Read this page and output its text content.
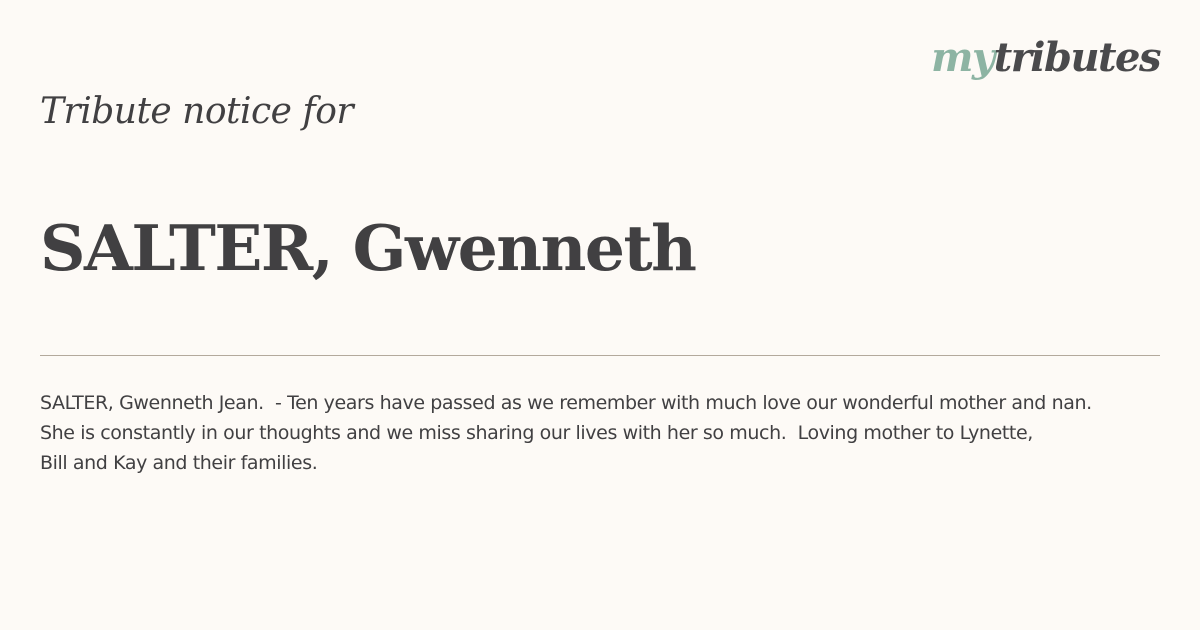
mytributes
Tribute notice for
SALTER, Gwenneth
SALTER, Gwenneth Jean.  - Ten years have passed as we remember with much love our wonderful mother and nan.
She is constantly in our thoughts and we miss sharing our lives with her so much.  Loving mother to Lynette,
Bill and Kay and their families.
